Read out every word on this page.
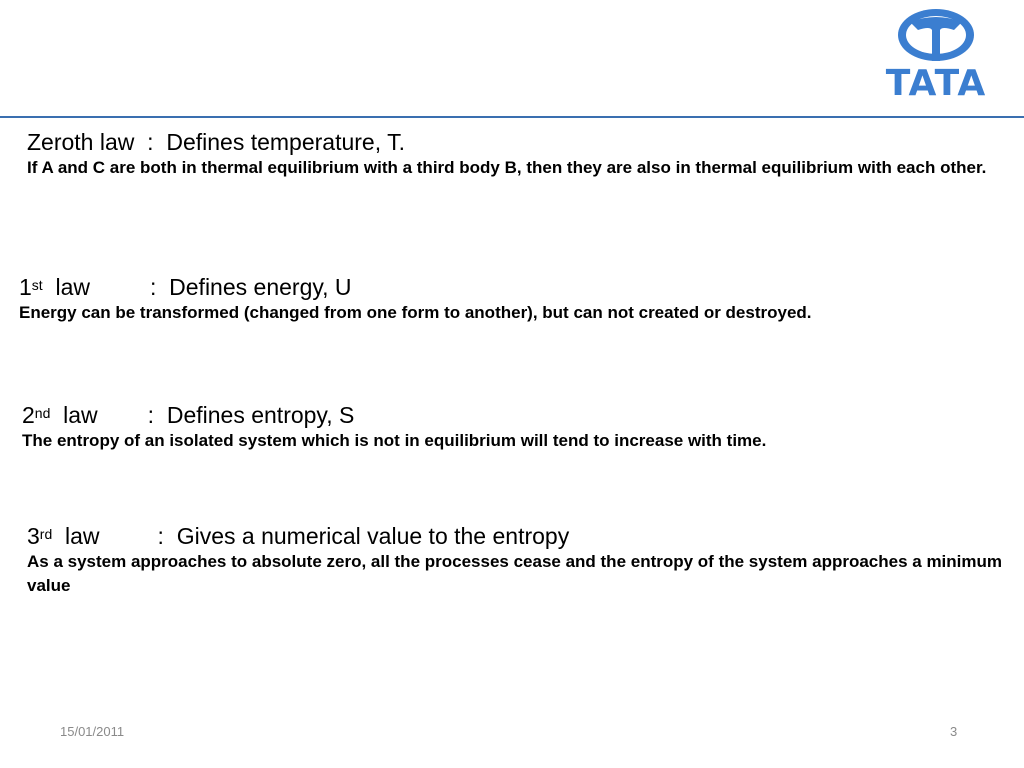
TATA
Zeroth law : Defines temperature, T.
If A and C are both in thermal equilibrium with a third body B, then they are also in thermal equilibrium with each other.
1st law	: Defines energy, U
Energy can be transformed (changed from one form to another), but can not created or destroyed.
2nd law : Defines entropy, S
The entropy of an isolated system which is not in equilibrium will tend to increase with time.
3rd law	: Gives a numerical value to the entropy
As a system approaches to absolute zero, all the processes cease and the entropy of the system approaches a minimum value
15/01/2011	3
